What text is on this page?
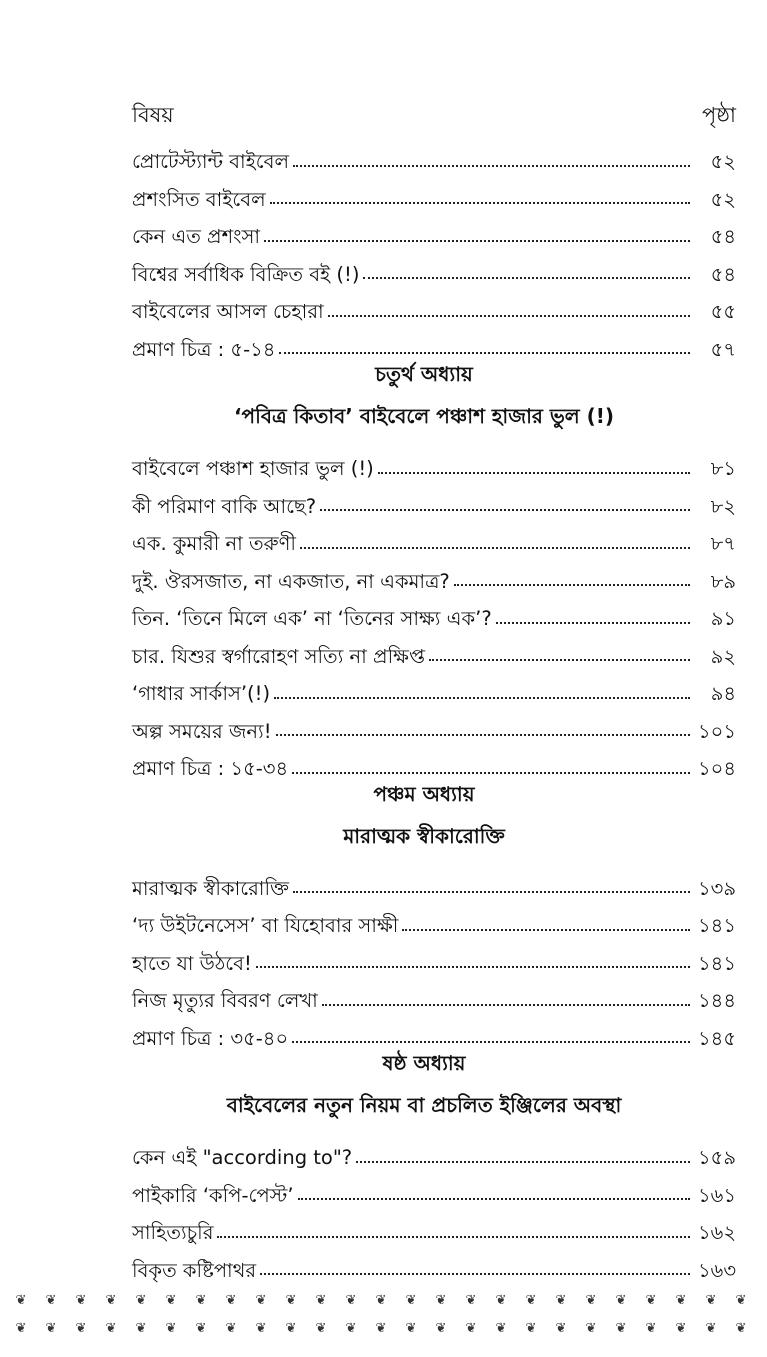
বিষয়	পৃষ্ঠা
প্রোটেস্ট্যান্ট বাইবেল	৫২
প্রশংসিত বাইবেল	৫২
কেন এত প্রশংসা	৫৪
বিশ্বের সর্বাধিক বিক্রিত বই (!)	৫৪
বাইবেলের আসল চেহারা	৫৫
প্রমাণ চিত্র : ৫-১৪	৫৭
চতুর্থ অধ্যায়
‘পবিত্র কিতাব’ বাইবেলে পঞ্চাশ হাজার ভুল (!)
বাইবেলে পঞ্চাশ হাজার ভুল (!)	৮১
কী পরিমাণ বাকি আছে?	৮২
এক. কুমারী না তরুণী	৮৭
দুই. ঔরসজাত, না একজাত, না একমাত্র?	৮৯
তিন. ‘তিনে মিলে এক’ না ‘তিনের সাক্ষ্য এক’?	৯১
চার. যিশুর স্বর্গারোহণ সত্যি না প্রক্ষিপ্ত	৯২
‘গাধার সার্কাস’(!)	৯৪
অল্প সময়ের জন্য!	১০১
প্রমাণ চিত্র : ১৫-৩৪	১০৪
পঞ্চম অধ্যায়
মারাত্মক স্বীকারোক্তি
মারাত্মক স্বীকারোক্তি	১৩৯
‘দ্য উইটনেসেস’ বা যিহোবার সাক্ষী	১৪১
হাতে যা উঠবে!	১৪১
নিজ মৃত্যুর বিবরণ লেখা	১৪৪
প্রমাণ চিত্র : ৩৫-৪০	১৪৫
ষষ্ঠ অধ্যায়
বাইবেলের নতুন নিয়ম বা প্রচলিত ইঞ্জিলের অবস্থা
কেন এই "according to"?	১৫৯
পাইকারি ‘কপি-পেস্ট’	১৬১
সাহিত্যচুরি	১৬২
বিকৃত কষ্টিপাথর	১৬৩
❦	❦	❦	❦	❦	❦	❦	❦	❦	❦	❦	❦	❦	❦	❦	❦	❦	❦	❦	❦	❦	❦	❦	❦	❦
❦	❦	❦	❦	❦	❦	❦	❦	❦	❦	❦	❦	❦	❦	❦	❦	❦	❦	❦	❦	❦	❦	❦	❦	❦
